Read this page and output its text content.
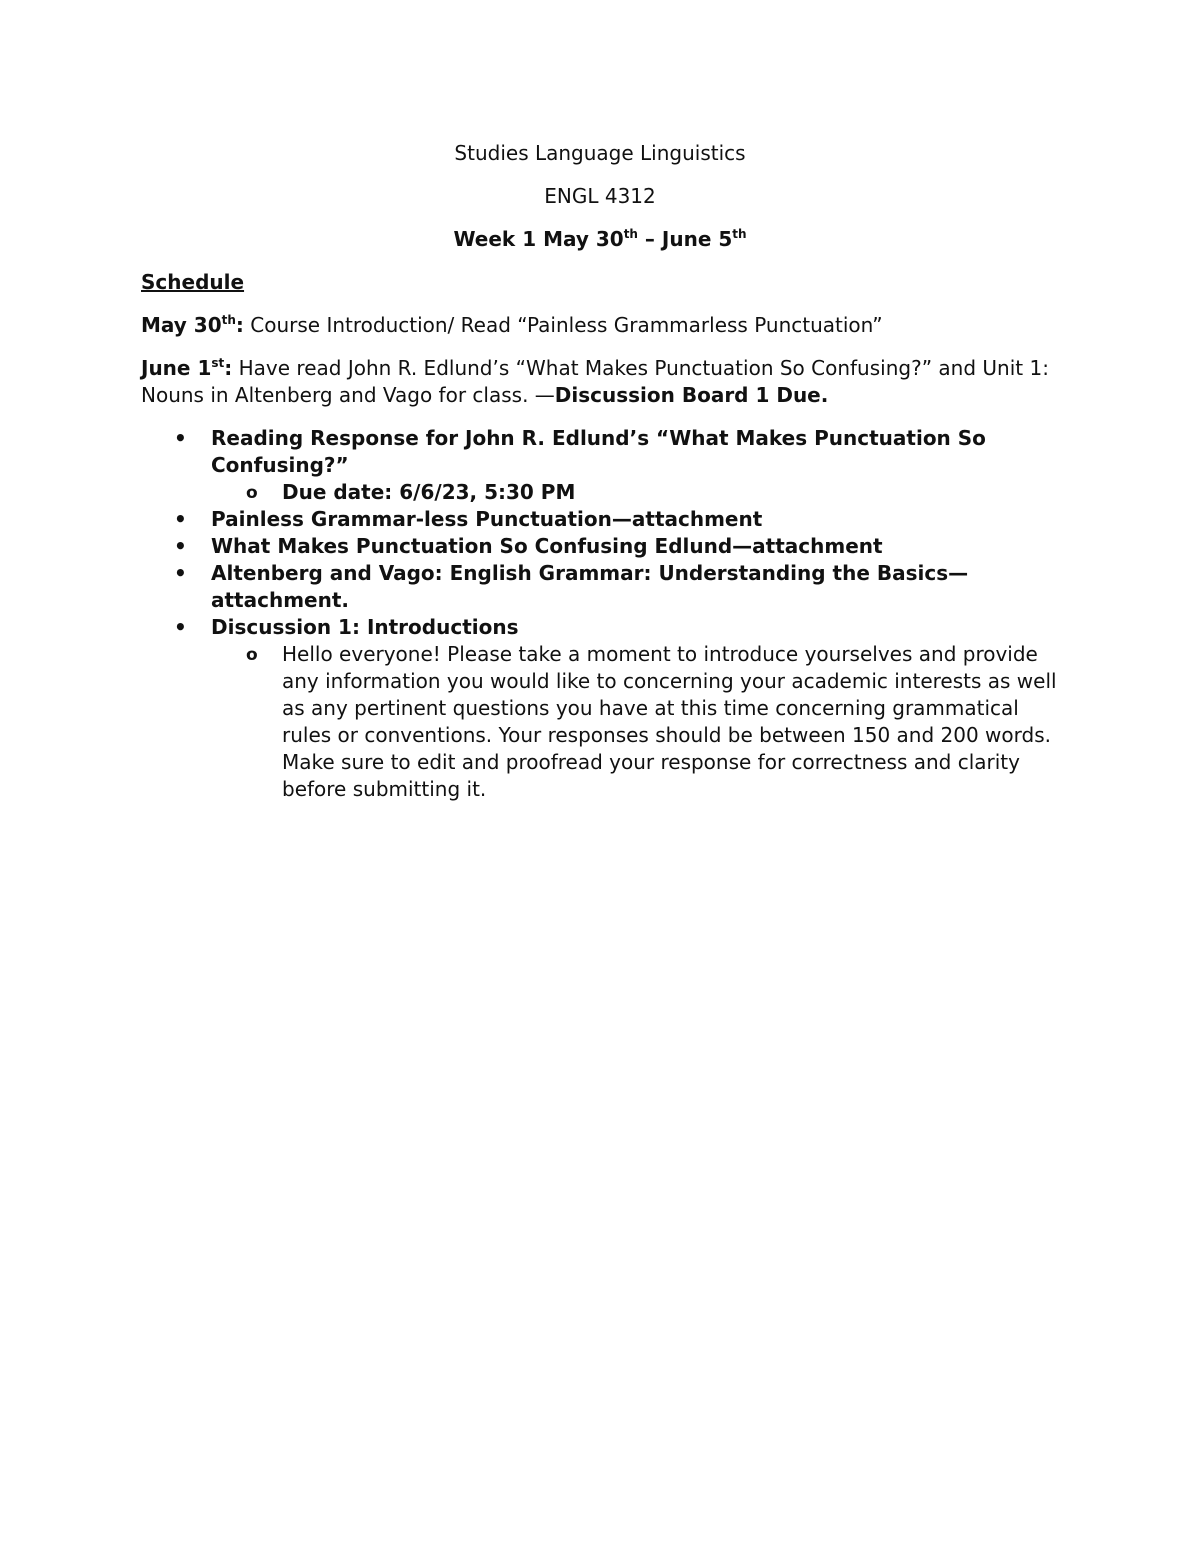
Studies Language Linguistics
ENGL 4312
Week 1 May 30th – June 5th
Schedule
May 30th: Course Introduction/ Read “Painless Grammarless Punctuation”
June 1st: Have read John R. Edlund’s “What Makes Punctuation So Confusing?” and Unit 1: Nouns in Altenberg and Vago for class. —Discussion Board 1 Due.
• Reading Response for John R. Edlund’s “What Makes Punctuation So Confusing?”
o Due date: 6/6/23, 5:30 PM
• Painless Grammar-less Punctuation—attachment
• What Makes Punctuation So Confusing Edlund—attachment
• Altenberg and Vago: English Grammar: Understanding the Basics—attachment.
• Discussion 1: Introductions
o Hello everyone! Please take a moment to introduce yourselves and provide any information you would like to concerning your academic interests as well as any pertinent questions you have at this time concerning grammatical rules or conventions. Your responses should be between 150 and 200 words. Make sure to edit and proofread your response for correctness and clarity before submitting it.
